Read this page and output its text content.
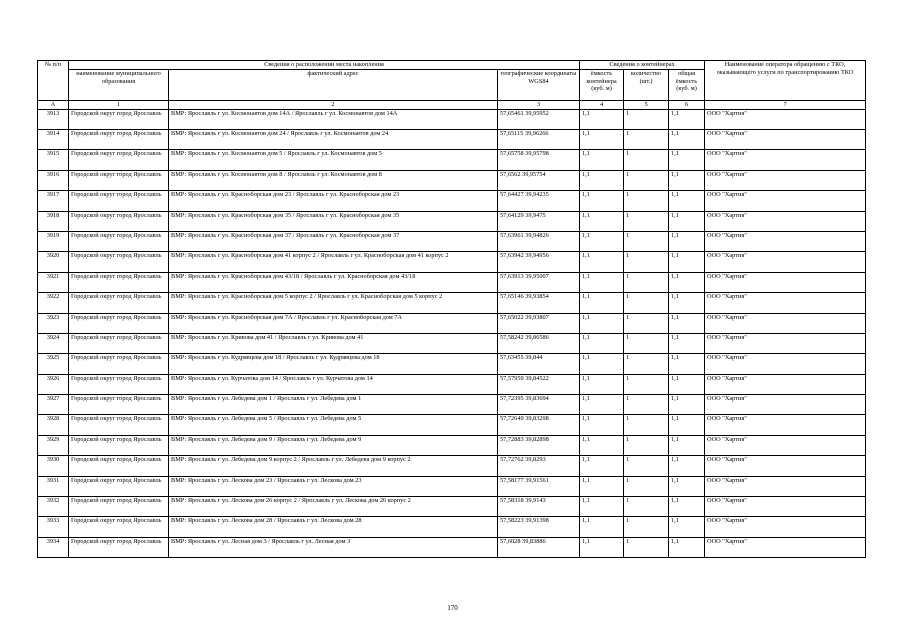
№ п/п	Сведения о расположении места накопления			Сведения о контейнерах			Наименование оператора обращению с ТКО, оказывающего услуги по транспортированию ТКО
	наименование муниципального образования	фактический адрес	географические координаты WGS84	ёмкость контейнера (куб. м)	количество (шт.)	общая ёмкость (куб. м)	
A	1	2	3	4	5	6	7
3913	Городской округ город Ярославль	ВМР: Ярославль г ул. Космонавтов дом 14А / Ярославль г ул. Космонавтов дом 14А	57,65461 39,95952	1,1	1	1,1	ООО "Хартия"
3914	Городской округ город Ярославль	ВМР: Ярославль г ул. Космонавтов дом 24 / Ярославль г ул. Космонавтов дом 24	57,65115 39,96266	1,1	1	1,1	ООО "Хартия"
3915	Городской округ город Ярославль	ВМР: Ярославль г ул. Космонавтов дом 5 / Ярославль г ул. Космонавтов дом 5	57,65758 39,95798	1,1	1	1,1	ООО "Хартия"
3916	Городской округ город Ярославль	ВМР: Ярославль г ул. Космонавтов дом 8 / Ярославль г ул. Космонавтов дом 8	57,6562 39,95754	1,1	1	1,1	ООО "Хартия"
3917	Городской округ город Ярославль	ВМР: Ярославль г ул. Красноборская дом 23 / Ярославль г ул. Красноборская дом 23	57,64427 39,94235	1,1	1	1,1	ООО "Хартия"
3918	Городской округ город Ярославль	ВМР: Ярославль г ул. Красноборская дом 35 / Ярославль г ул. Красноборская дом 35	57,64129 39,9475	1,1	1	1,1	ООО "Хартия"
3919	Городской округ город Ярославль	ВМР: Ярославль г ул. Красноборская дом 37 / Ярославль г ул. Красноборская дом 37	57,63961 39,94826	1,1	1	1,1	ООО "Хартия"
3920	Городской округ город Ярославль	ВМР: Ярославль г ул. Красноборская дом 41 корпус 2 / Ярославль г ул. Красноборская дом 41 корпус 2	57,63942 39,94956	1,1	1	1,1	ООО "Хартия"
3921	Городской округ город Ярославль	ВМР: Ярославль г ул. Красноборская дом 43/18 / Ярославль г ул. Красноборская дом 43/18	57,63913 39,95007	1,1	1	1,1	ООО "Хартия"
3922	Городской округ город Ярославль	ВМР: Ярославль г ул. Красноборская дом 5 корпус 2 / Ярославль г ул. Красноборская дом 5 корпус 2	57,65146 39,93854	1,1	1	1,1	ООО "Хартия"
3923	Городской округ город Ярославль	ВМР: Ярославль г ул. Красноборская дом 7А / Ярославль г ул. Красноборская дом 7А	57,65022 39,93807	1,1	1	1,1	ООО "Хартия"
3924	Городской округ город Ярославль	ВМР: Ярославль г ул. Кривова дом 41 / Ярославль г ул. Кривова дом 41	57,58242 39,86586	1,1	1	1,1	ООО "Хартия"
3925	Городской округ город Ярославль	ВМР: Ярославль г ул. Кудрявцева дом 18 / Ярославль г ул. Кудрявцева дом 18	57,63455 39,844	1,1	1	1,1	ООО "Хартия"
3926	Городской округ город Ярославль	ВМР: Ярославль г ул. Курчатова дом 14 / Ярославль г ул. Курчатова дом 14	57,57959 39,84522	1,1	1	1,1	ООО "Хартия"
3927	Городской округ город Ярославль	ВМР: Ярославль г ул. Лебедева дом 1 / Ярославль г ул. Лебедева дом 1	57,72395 39,83694	1,1	1	1,1	ООО "Хартия"
3928	Городской округ город Ярославль	ВМР: Ярославль г ул. Лебедева дом 5 / Ярославль г ул. Лебедева дом 5	57,72649 39,83298	1,1	1	1,1	ООО "Хартия"
3929	Городской округ город Ярославль	ВМР: Ярославль г ул. Лебедева дом 9 / Ярославль г ул. Лебедева дом 9	57,72883 39,82898	1,1	1	1,1	ООО "Хартия"
3930	Городской округ город Ярославль	ВМР: Ярославль г ул. Лебедева дом 9 корпус 2 / Ярославль г ул. Лебедева дом 9 корпус 2	57,72762 39,8293	1,1	1	1,1	ООО "Хартия"
3931	Городской округ город Ярославль	ВМР: Ярославль г ул. Лескова дом 23 / Ярославль г ул. Лескова дом 23	57,58177 39,91561	1,1	1	1,1	ООО "Хартия"
3932	Городской округ город Ярославль	ВМР: Ярославль г ул. Лескова дом 26 корпус 2 / Ярославль г ул. Лескова дом 26 корпус 2	57,58318 39,9143	1,1	1	1,1	ООО "Хартия"
3933	Городской округ город Ярославль	ВМР: Ярославль г ул. Лескова дом 28 / Ярославль г ул. Лескова дом 28	57,58223 39,91398	1,1	1	1,1	ООО "Хартия"
3934	Городской округ город Ярославль	ВМР: Ярославль г ул. Лесная дом 3 / Ярославль г ул. Лесная дом 3	57,6028 39,83886	1,1	1	1,1	ООО "Хартия"
170
